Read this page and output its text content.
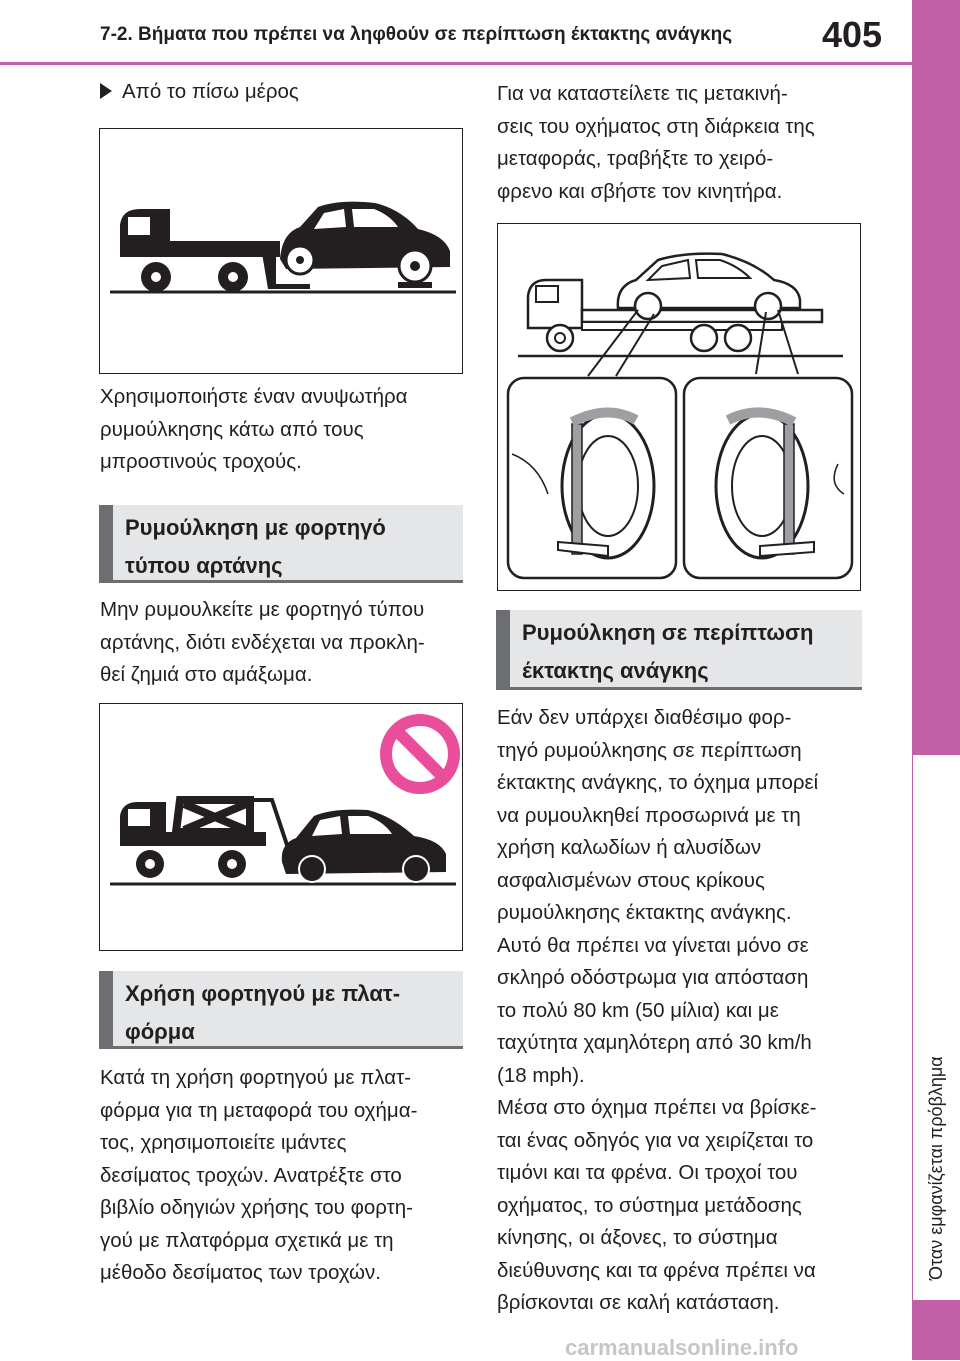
7-2. Βήματα που πρέπει να ληφθούν σε περίπτωση έκτακτης ανάγκης 405
7
Όταν εμφανίζεται πρόβλημα
Από το πίσω μέρος
Χρησιμοποιήστε έναν ανυψωτήρα
ρυμούλκησης κάτω από τους
μπροστινούς τροχούς.
Ρυμούλκηση με φορτηγό
τύπου αρτάνης
Μην ρυμουλκείτε με φορτηγό τύπου
αρτάνης, διότι ενδέχεται να προκλη-
θεί ζημιά στο αμάξωμα.
Χρήση φορτηγού με πλατ-
φόρμα
Κατά τη χρήση φορτηγού με πλατ-
φόρμα για τη μεταφορά του οχήμα-
τος, χρησιμοποιείτε ιμάντες
δεσίματος τροχών. Ανατρέξτε στο
βιβλίο οδηγιών χρήσης του φορτη-
γού με πλατφόρμα σχετικά με τη
μέθοδο δεσίματος των τροχών.
Για να καταστείλετε τις μετακινή-
σεις του οχήματος στη διάρκεια της
μεταφοράς, τραβήξτε το χειρό-
φρενο και σβήστε τον κινητήρα.
Ρυμούλκηση σε περίπτωση
έκτακτης ανάγκης
Εάν δεν υπάρχει διαθέσιμο φορ-
τηγό ρυμούλκησης σε περίπτωση
έκτακτης ανάγκης, το όχημα μπορεί
να ρυμουλκηθεί προσωρινά με τη
χρήση καλωδίων ή αλυσίδων
ασφαλισμένων στους κρίκους
ρυμούλκησης έκτακτης ανάγκης.
Αυτό θα πρέπει να γίνεται μόνο σε
σκληρό οδόστρωμα για απόσταση
το πολύ 80 km (50 μίλια) και με
ταχύτητα χαμηλότερη από 30 km/h
(18 mph).
Μέσα στο όχημα πρέπει να βρίσκε-
ται ένας οδηγός για να χειρίζεται το
τιμόνι και τα φρένα. Οι τροχοί του
οχήματος, το σύστημα μετάδοσης
κίνησης, οι άξονες, το σύστημα
διεύθυνσης και τα φρένα πρέπει να
βρίσκονται σε καλή κατάσταση.
carmanualsonline.info
